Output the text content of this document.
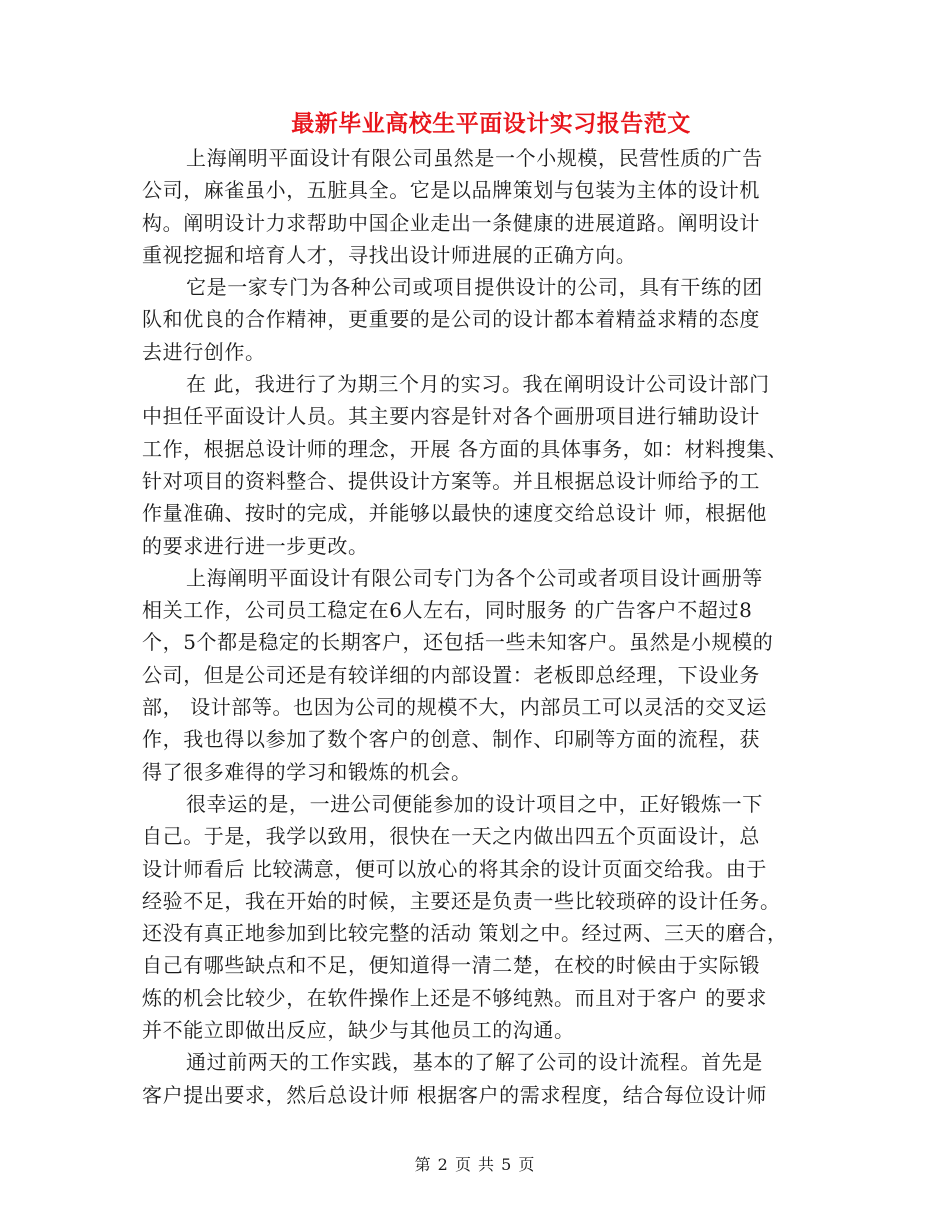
最新毕业高校生平面设计实习报告范文

上海阐明平面设计有限公司虽然是一个小规模，民营性质的广告
公司，麻雀虽小，五脏具全。它是以品牌策划与包装为主体的设计机
构。阐明设计力求帮助中国企业走出一条健康的进展道路。阐明设计
重视挖掘和培育人才，寻找出设计师进展的正确方向。

它是一家专门为各种公司或项目提供设计的公司，具有干练的团
队和优良的合作精神，更重要的是公司的设计都本着精益求精的态度
去进行创作。

在 此，我进行了为期三个月的实习。我在阐明设计公司设计部门
中担任平面设计人员。其主要内容是针对各个画册项目进行辅助设计
工作，根据总设计师的理念，开展 各方面的具体事务，如：材料搜集、
针对项目的资料整合、提供设计方案等。并且根据总设计师给予的工
作量准确、按时的完成，并能够以最快的速度交给总设计 师，根据他
的要求进行进一步更改。

上海阐明平面设计有限公司专门为各个公司或者项目设计画册等
相关工作，公司员工稳定在6人左右，同时服务 的广告客户不超过8
个，5个都是稳定的长期客户，还包括一些未知客户。虽然是小规模的
公司，但是公司还是有较详细的内部设置：老板即总经理，下设业务
部， 设计部等。也因为公司的规模不大，内部员工可以灵活的交叉运
作，我也得以参加了数个客户的创意、制作、印刷等方面的流程，获
得了很多难得的学习和锻炼的机会。

很幸运的是，一进公司便能参加的设计项目之中，正好锻炼一下
自己。于是，我学以致用，很快在一天之内做出四五个页面设计，总
设计师看后 比较满意，便可以放心的将其余的设计页面交给我。由于
经验不足，我在开始的时候，主要还是负责一些比较琐碎的设计任务。
还没有真正地参加到比较完整的活动 策划之中。经过两、三天的磨合，
自己有哪些缺点和不足，便知道得一清二楚，在校的时候由于实际锻
炼的机会比较少，在软件操作上还是不够纯熟。而且对于客户 的要求
并不能立即做出反应，缺少与其他员工的沟通。

通过前两天的工作实践，基本的了解了公司的设计流程。首先是
客户提出要求，然后总设计师 根据客户的需求程度，结合每位设计师

第 2 页 共 5 页
